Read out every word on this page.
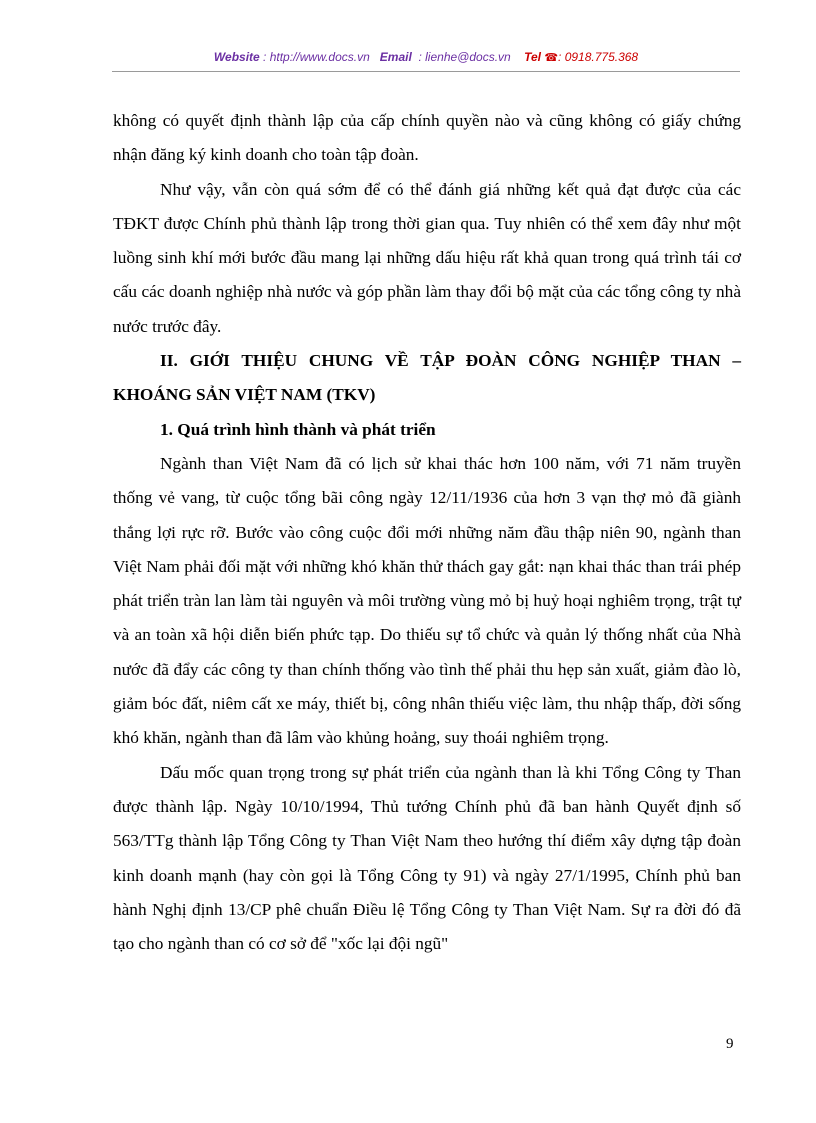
Website : http://www.docs.vn Email  : lienhe@docs.vn Tel ☎: 0918.775.368

không có quyết định thành lập của cấp chính quyền nào và cũng không có giấy chứng nhận đăng ký kinh doanh cho toàn tập đoàn.

Như vậy, vẫn còn quá sớm để có thể đánh giá những kết quả đạt được của các TĐKT được Chính phủ thành lập trong thời gian qua. Tuy nhiên có thể xem đây như một luồng sinh khí mới bước đầu mang lại những dấu hiệu rất khả quan trong quá trình tái cơ cấu các doanh nghiệp nhà nước và góp phần làm thay đổi bộ mặt của các tổng công ty nhà nước trước đây.

II. GIỚI THIỆU CHUNG VỀ TẬP ĐOÀN CÔNG NGHIỆP THAN – KHOÁNG SẢN VIỆT NAM (TKV)

1. Quá trình hình thành và phát triển

Ngành than Việt Nam đã có lịch sử khai thác hơn 100 năm, với 71 năm truyền thống vẻ vang, từ cuộc tổng bãi công ngày 12/11/1936 của hơn 3 vạn thợ mỏ đã giành thắng lợi rực rỡ. Bước vào công cuộc đổi mới những năm đầu thập niên 90, ngành than Việt Nam phải đối mặt với những khó khăn thử thách gay gắt: nạn khai thác than trái phép phát triển tràn lan làm tài nguyên và môi trường vùng mỏ bị huỷ hoại nghiêm trọng, trật tự và an toàn xã hội diễn biến phức tạp. Do thiếu sự tổ chức và quản lý thống nhất của Nhà nước đã đẩy các công ty than chính thống vào tình thế phải thu hẹp sản xuất, giảm đào lò, giảm bóc đất, niêm cất xe máy, thiết bị, công nhân thiếu việc làm, thu nhập thấp, đời sống khó khăn, ngành than đã lâm vào khủng hoảng, suy thoái nghiêm trọng.

Dấu mốc quan trọng trong sự phát triển của ngành than là khi Tổng Công ty Than được thành lập. Ngày 10/10/1994, Thủ tướng Chính phủ đã ban hành Quyết định số 563/TTg thành lập Tổng Công ty Than Việt Nam theo hướng thí điểm xây dựng tập đoàn kinh doanh mạnh (hay còn gọi là Tổng Công ty 91) và ngày 27/1/1995, Chính phủ ban hành Nghị định 13/CP phê chuẩn Điều lệ Tổng Công ty Than Việt Nam. Sự ra đời đó đã tạo cho ngành than có cơ sở để "xốc lại đội ngũ"

9
